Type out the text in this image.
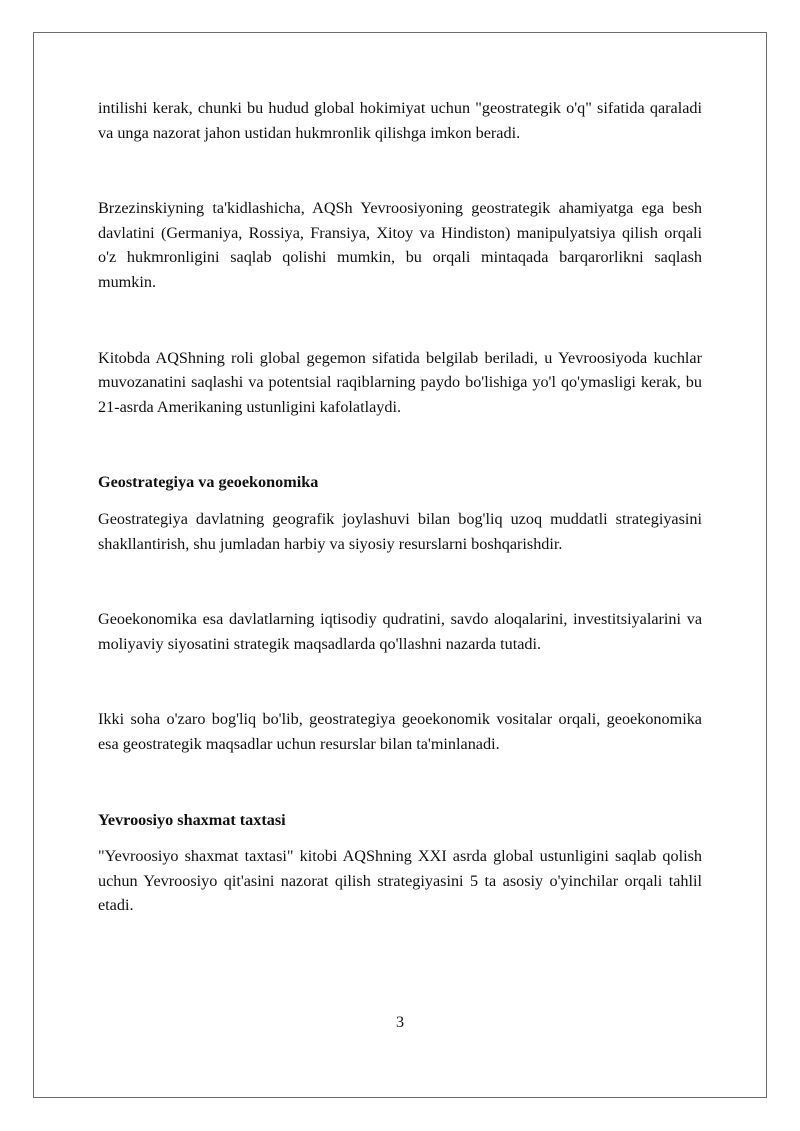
intilishi kerak, chunki bu hudud global hokimiyat uchun "geostrategik o'q" sifatida qaraladi va unga nazorat jahon ustidan hukmronlik qilishga imkon beradi.

Brzezinskiyning ta'kidlashicha, AQSh Yevroosiyoning geostrategik ahamiyatga ega besh davlatini (Germaniya, Rossiya, Fransiya, Xitoy va Hindiston) manipulyatsiya qilish orqali o'z hukmronligini saqlab qolishi mumkin, bu orqali mintaqada barqarorlikni saqlash mumkin.

Kitobda AQShning roli global gegemon sifatida belgilab beriladi, u Yevroosiyoda kuchlar muvozanatini saqlashi va potentsial raqiblarning paydo bo'lishiga yo'l qo'ymasligi kerak, bu 21-asrda Amerikaning ustunligini kafolatlaydi.

Geostrategiya va geoekonomika

Geostrategiya davlatning geografik joylashuvi bilan bog'liq uzoq muddatli strategiyasini shakllantirish, shu jumladan harbiy va siyosiy resurslarni boshqarishdir.

Geoekonomika esa davlatlarning iqtisodiy qudratini, savdo aloqalarini, investitsiyalarini va moliyaviy siyosatini strategik maqsadlarda qo'llashni nazarda tutadi.

Ikki soha o'zaro bog'liq bo'lib, geostrategiya geoekonomik vositalar orqali, geoekonomika esa geostrategik maqsadlar uchun resurslar bilan ta'minlanadi.

Yevroosiyo shaxmat taxtasi

"Yevroosiyo shaxmat taxtasi" kitobi AQShning XXI asrda global ustunligini saqlab qolish uchun Yevroosiyo qit'asini nazorat qilish strategiyasini 5 ta asosiy o'yinchilar orqali tahlil etadi.

3
